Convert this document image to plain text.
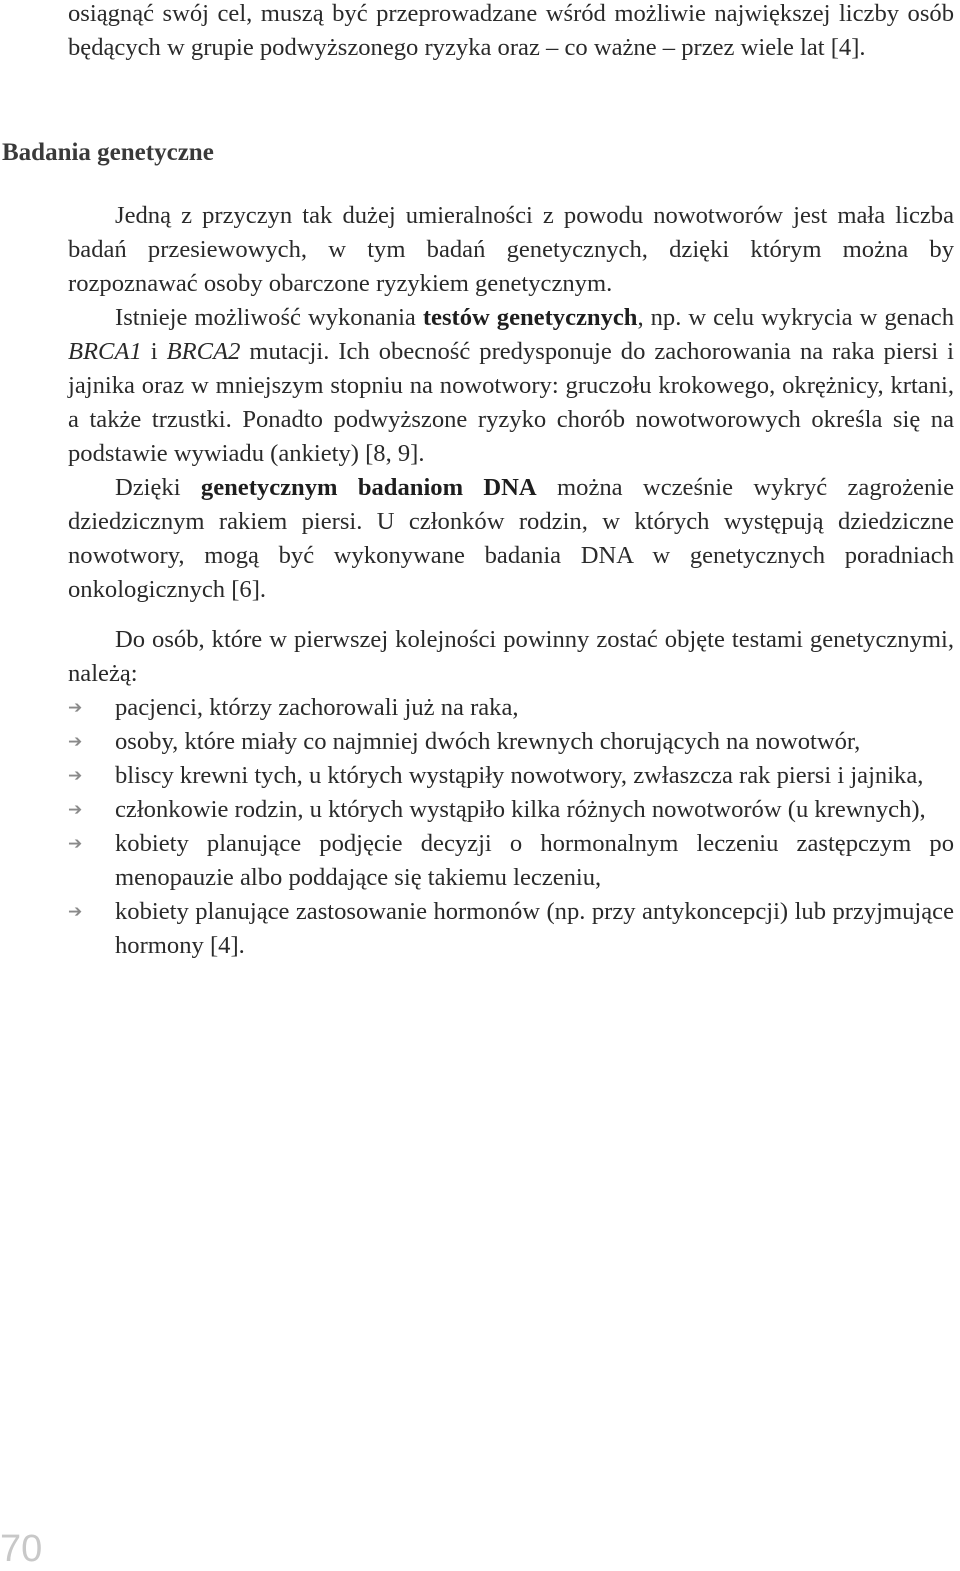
osiągnąć swój cel, muszą być przeprowadzane wśród możliwie największej liczby osób będących w grupie podwyższonego ryzyka oraz – co ważne – przez wiele lat [4].

Badania genetyczne

Jedną z przyczyn tak dużej umieralności z powodu nowotworów jest mała liczba badań przesiewowych, w tym badań genetycznych, dzięki którym można by rozpoznawać osoby obarczone ryzykiem genetycznym.

Istnieje możliwość wykonania testów genetycznych, np. w celu wykrycia w genach BRCA1 i BRCA2 mutacji. Ich obecność predysponuje do zachorowania na raka piersi i jajnika oraz w mniejszym stopniu na nowotwory: gruczołu krokowego, okrężnicy, krtani, a także trzustki. Ponadto podwyższone ryzyko chorób nowotworowych określa się na podstawie wywiadu (ankiety) [8, 9].

Dzięki genetycznym badaniom DNA można wcześnie wykryć zagrożenie dziedzicznym rakiem piersi. U członków rodzin, w których występują dziedziczne nowotwory, mogą być wykonywane badania DNA w genetycznych poradniach onkologicznych [6].

Do osób, które w pierwszej kolejności powinny zostać objęte testami genetycznymi, należą:

➔	pacjenci, którzy zachorowali już na raka,
➔	osoby, które miały co najmniej dwóch krewnych chorujących na nowotwór,
➔	bliscy krewni tych, u których wystąpiły nowotwory, zwłaszcza rak piersi i jajnika,
➔	członkowie rodzin, u których wystąpiło kilka różnych nowotworów (u krewnych),
➔	kobiety planujące podjęcie decyzji o hormonalnym leczeniu zastępczym po menopauzie albo poddające się takiemu leczeniu,
➔	kobiety planujące zastosowanie hormonów (np. przy antykoncepcji) lub przyjmujące hormony [4].
70
